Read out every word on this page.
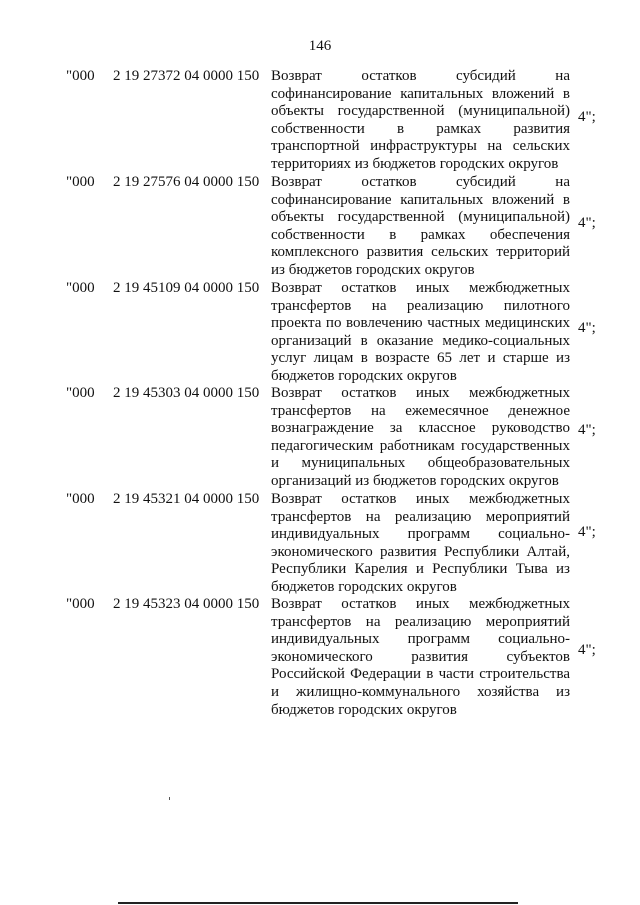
146
"000 2 19 27372 04 0000 150 Возврат остатков субсидий на софинансирование капитальных вложений в объекты государственной (муниципальной) собственности в рамках развития транспортной инфраструктуры на сельских территориях из бюджетов городских округов
4";
"000 2 19 27576 04 0000 150 Возврат остатков субсидий на софинансирование капитальных вложений в объекты государственной (муниципальной) собственности в рамках обеспечения комплексного развития сельских территорий из бюджетов городских округов
4";
"000 2 19 45109 04 0000 150 Возврат остатков иных межбюджетных трансфертов на реализацию пилотного проекта по вовлечению частных медицинских организаций в оказание медико-социальных услуг лицам в возрасте 65 лет и старше из бюджетов городских округов
4";
"000 2 19 45303 04 0000 150 Возврат остатков иных межбюджетных трансфертов на ежемесячное денежное вознаграждение за классное руководство педагогическим работникам государственных и муниципальных общеобразовательных организаций из бюджетов городских округов
4";
"000 2 19 45321 04 0000 150 Возврат остатков иных межбюджетных трансфертов на реализацию мероприятий индивидуальных программ социально-экономического развития Республики Алтай, Республики Карелия и Республики Тыва из бюджетов городских округов
4";
"000 2 19 45323 04 0000 150 Возврат остатков иных межбюджетных трансфертов на реализацию мероприятий индивидуальных программ социально-экономического развития субъектов Российской Федерации в части строительства и жилищно-коммунального хозяйства из бюджетов городских округов
4";
